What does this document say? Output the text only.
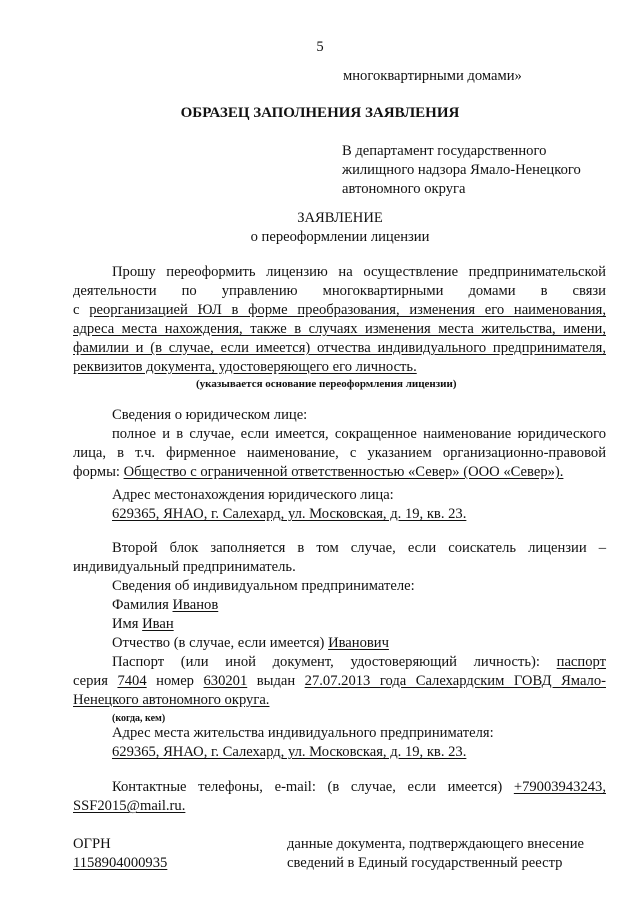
5
многоквартирными домами»
ОБРАЗЕЦ ЗАПОЛНЕНИЯ ЗАЯВЛЕНИЯ
В департамент государственного
жилищного надзора Ямало-Ненецкого
автономного округа
ЗАЯВЛЕНИЕ
о переоформлении лицензии
Прошу переоформить лицензию на осуществление предпринимательской
деятельности по управлению многоквартирными домами в связи
с реорганизацией ЮЛ в форме преобразования, изменения его наименования,
адреса места нахождения, также в случаях изменения места жительства, имени,
фамилии и (в случае, если имеется) отчества индивидуального предпринимателя,
реквизитов документа, удостоверяющего его личность.
(указывается основание переоформления лицензии)
Сведения о юридическом лице:
полное и в случае, если имеется, сокращенное наименование юридического
лица, в т.ч. фирменное наименование, с указанием организационно-правовой
формы: Общество с ограниченной ответственностью «Север» (ООО «Север»).
Адрес местонахождения юридического лица:
629365, ЯНАО, г. Салехард, ул. Московская, д. 19, кв. 23.
Второй блок заполняется в том случае, если соискатель лицензии –
индивидуальный предприниматель.
Сведения об индивидуальном предпринимателе:
Фамилия Иванов
Имя Иван
Отчество (в случае, если имеется) Иванович
Паспорт (или иной документ, удостоверяющий личность): паспорт
серия 7404 номер 630201 выдан 27.07.2013 года Салехардским ГОВД Ямало-
Ненецкого автономного округа.
(когда, кем)
Адрес места жительства индивидуального предпринимателя:
629365, ЯНАО, г. Салехард, ул. Московская, д. 19, кв. 23.
Контактные телефоны, e-mail: (в случае, если имеется) +79003943243,
SSF2015@mail.ru.
ОГРН
1158904000935
данные документа, подтверждающего внесение
сведений в Единый государственный реестр
